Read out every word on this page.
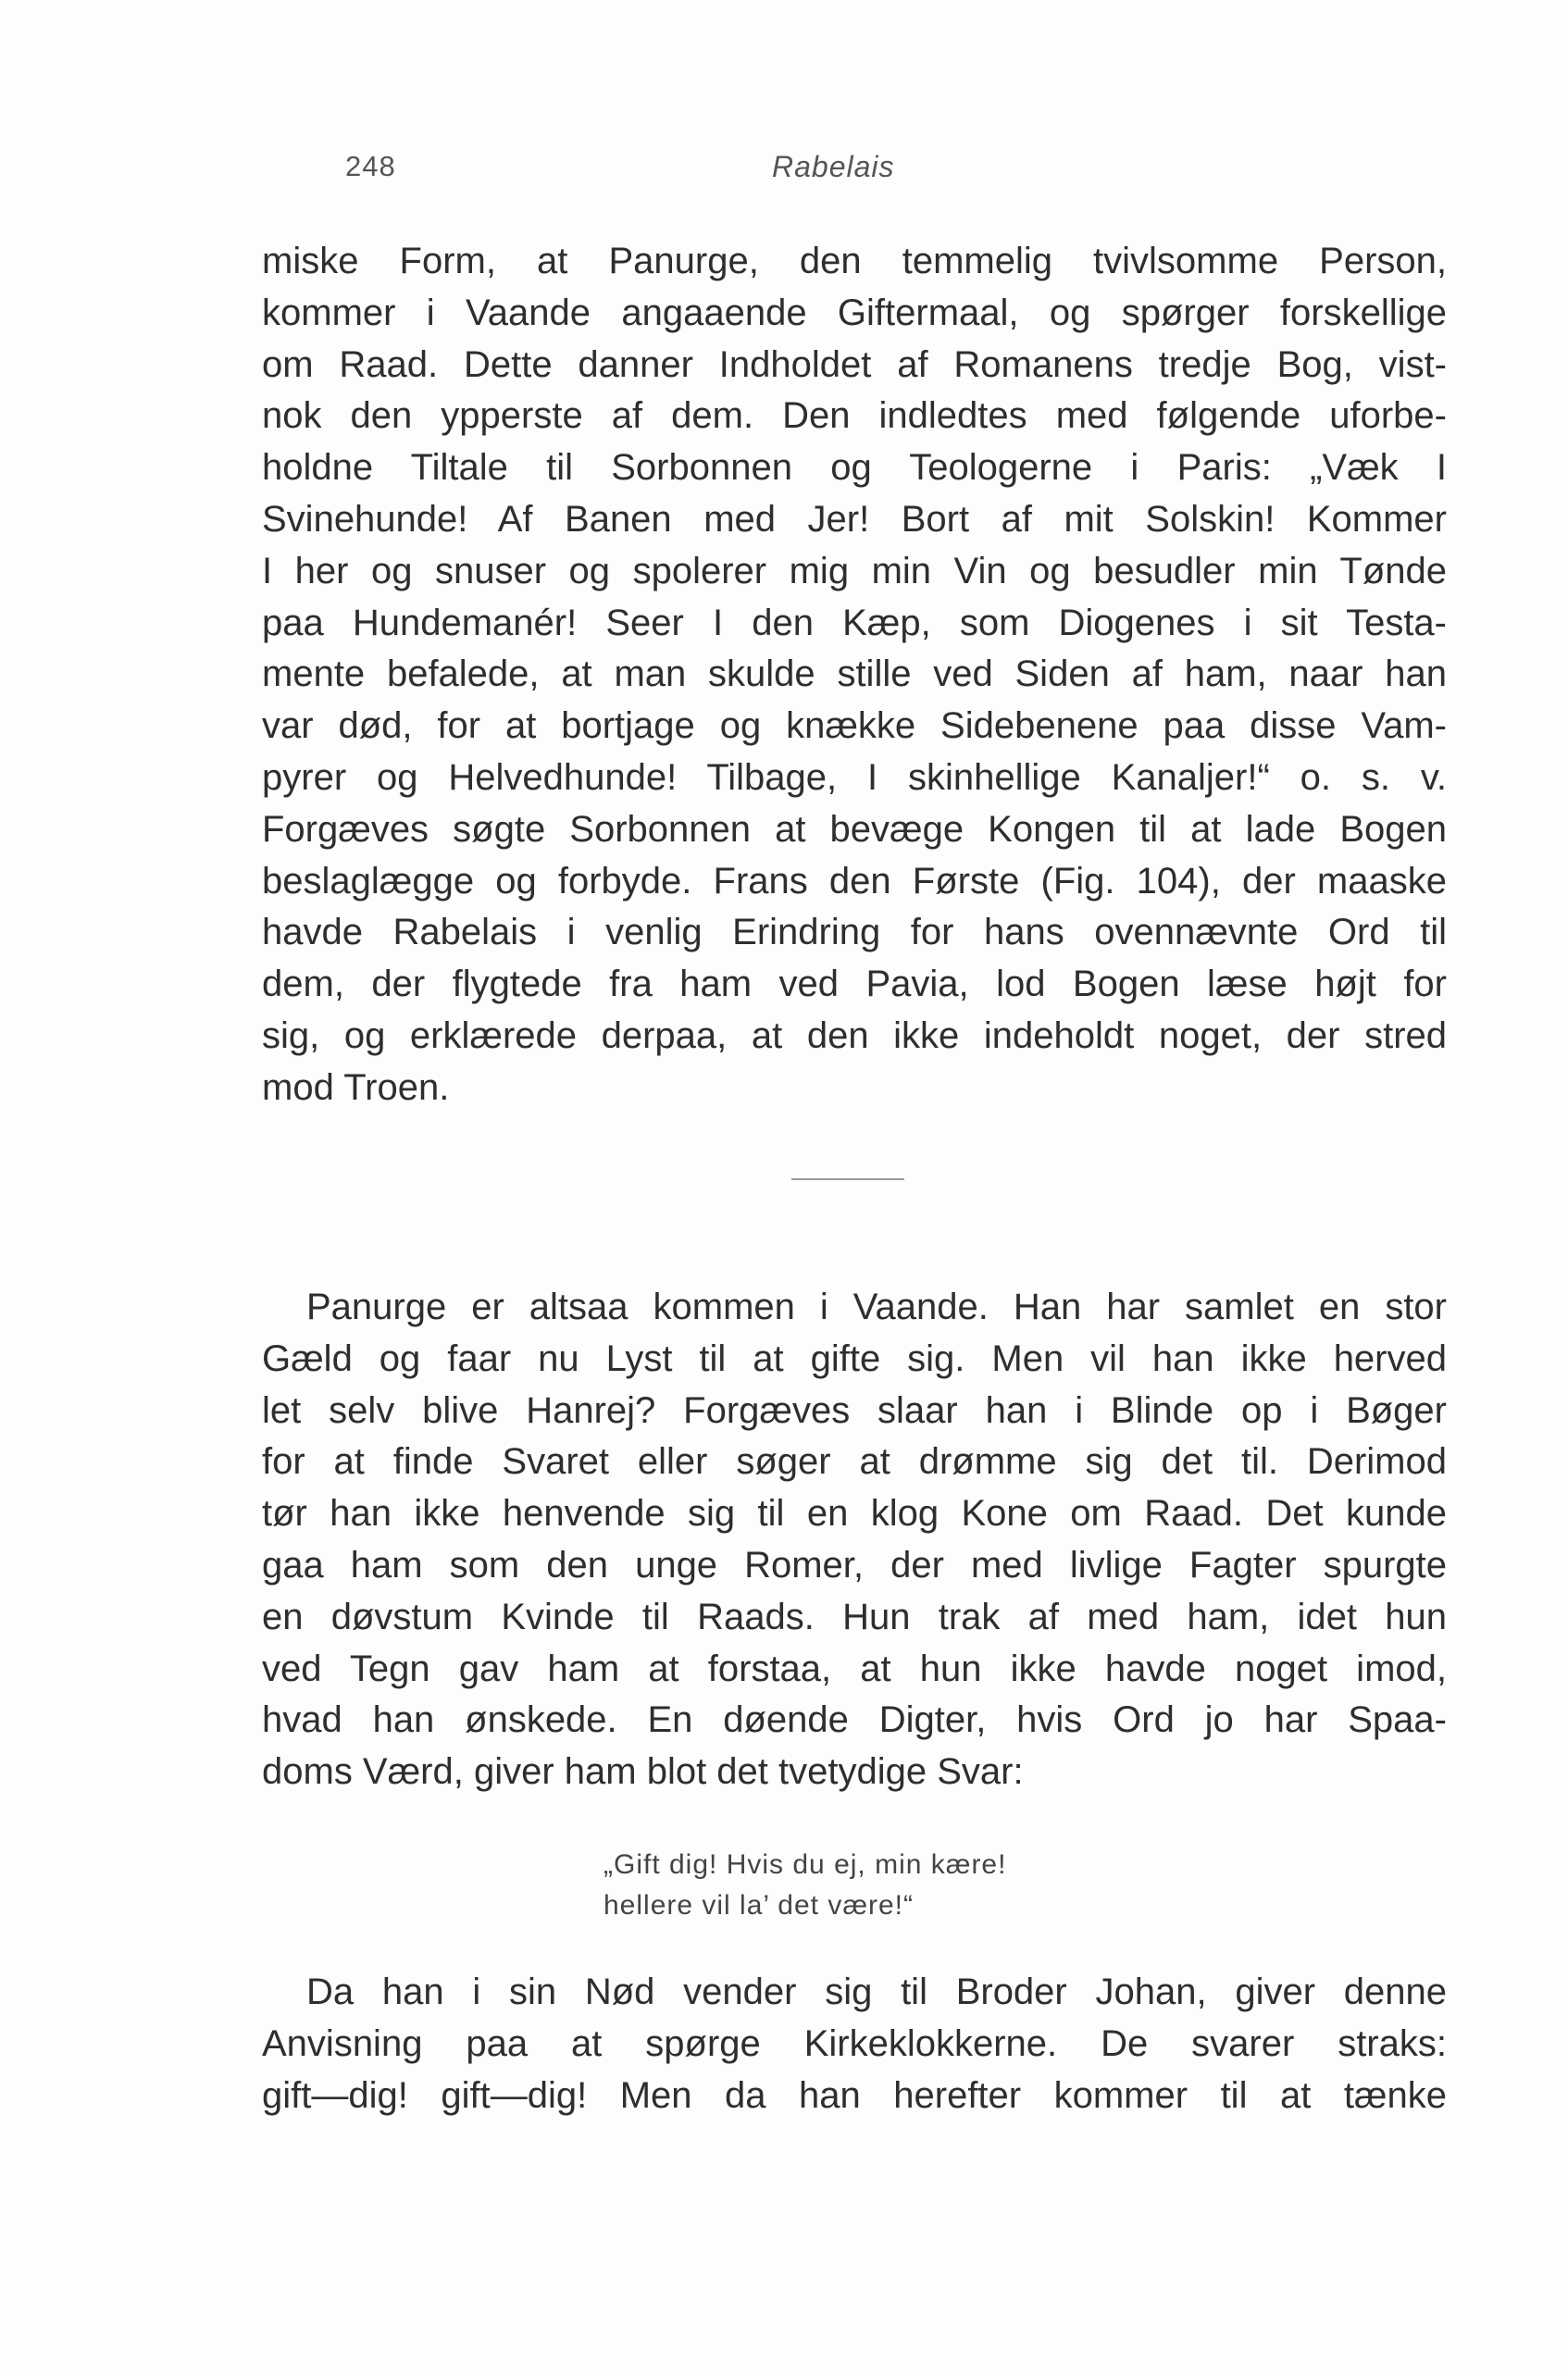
248	Rabelais
miske Form, at Panurge, den temmelig tvivlsomme Person,
kommer i Vaande angaaende Giftermaal, og spørger forskellige
om Raad. Dette danner Indholdet af Romanens tredje Bog, vist-
nok den ypperste af dem. Den indledtes med følgende uforbe-
holdne Tiltale til Sorbonnen og Teologerne i Paris: „Væk I
Svinehunde! Af Banen med Jer! Bort af mit Solskin! Kommer
I her og snuser og spolerer mig min Vin og besudler min Tønde
paa Hundemanér! Seer I den Kæp, som Diogenes i sit Testa-
mente befalede, at man skulde stille ved Siden af ham, naar han
var død, for at bortjage og knække Sidebenene paa disse Vam-
pyrer og Helvedhunde! Tilbage, I skinhellige Kanaljer!“ o. s. v.
Forgæves søgte Sorbonnen at bevæge Kongen til at lade Bogen
beslaglægge og forbyde. Frans den Første (Fig. 104), der maaske
havde Rabelais i venlig Erindring for hans ovennævnte Ord til
dem, der flygtede fra ham ved Pavia, lod Bogen læse højt for
sig, og erklærede derpaa, at den ikke indeholdt noget, der stred
mod Troen.
Panurge er altsaa kommen i Vaande. Han har samlet en stor
Gæld og faar nu Lyst til at gifte sig. Men vil han ikke herved
let selv blive Hanrej? Forgæves slaar han i Blinde op i Bøger
for at finde Svaret eller søger at drømme sig det til. Derimod
tør han ikke henvende sig til en klog Kone om Raad. Det kunde
gaa ham som den unge Romer, der med livlige Fagter spurgte
en døvstum Kvinde til Raads. Hun trak af med ham, idet hun
ved Tegn gav ham at forstaa, at hun ikke havde noget imod,
hvad han ønskede. En døende Digter, hvis Ord jo har Spaa-
doms Værd, giver ham blot det tvetydige Svar:
„Gift dig! Hvis du ej, min kære!
hellere vil la’ det være!“
Da han i sin Nød vender sig til Broder Johan, giver denne
Anvisning paa at spørge Kirkeklokkerne. De svarer straks:
gift—dig! gift—dig! Men da han herefter kommer til at tænke
